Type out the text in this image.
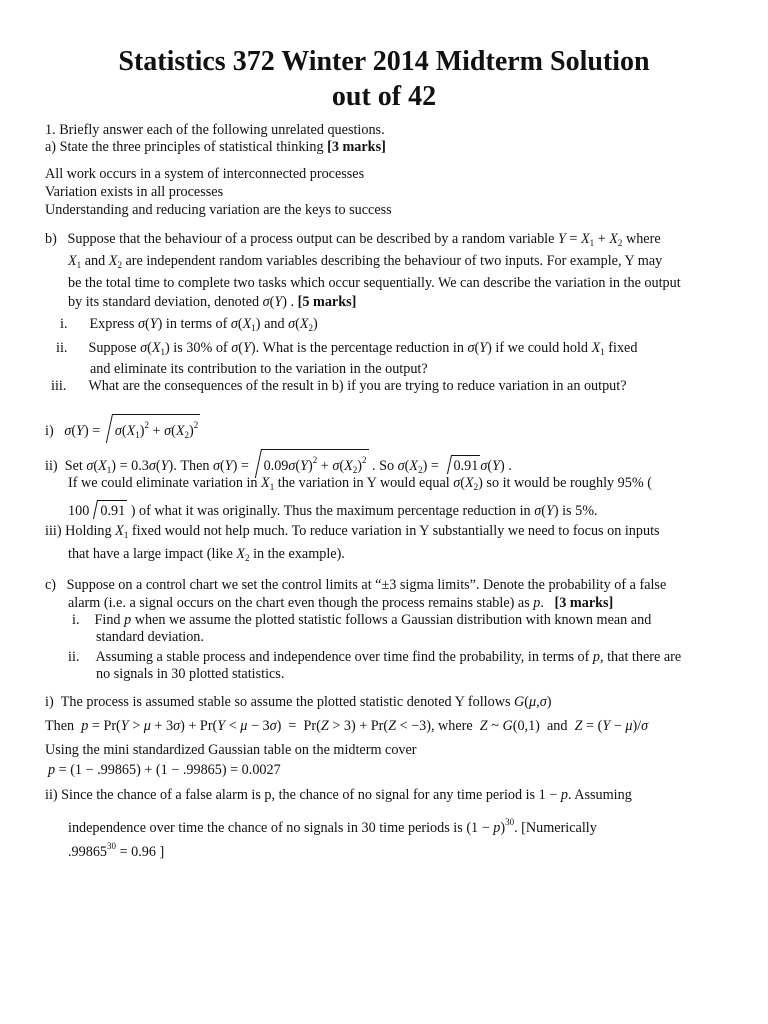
Statistics 372 Winter 2014 Midterm Solution
out of 42
1. Briefly answer each of the following unrelated questions.
a) State the three principles of statistical thinking [3 marks]
All work occurs in a system of interconnected processes
Variation exists in all processes
Understanding and reducing variation are the keys to success
b) Suppose that the behaviour of a process output can be described by a random variable $Y = X_1 + X_2$ where
$X_1$ and $X_2$ are independent random variables describing the behaviour of two inputs. For example, Y may
be the total time to complete two tasks which occur sequentially. We can describe the variation in the output
by its standard deviation, denoted σ(Y) . [5 marks]
i. Express σ(Y) in terms of $\sigma(X_1)$ and $\sigma(X_2)$
ii. Suppose $\sigma(X_1)$ is 30% of σ(Y). What is the percentage reduction in σ(Y) if we could hold $X_1$ fixed
and eliminate its contribution to the variation in the output?
iii. What are the consequences of the result in b) if you are trying to reduce variation in an output?
i) $\sigma(Y) = \sigma(X_1)^2 + \sigma(X_2)^2$
ii) Set $\sigma(X_1) = 0.3\sigma(Y)$. Then $\sigma(Y) = 0.09\sigma(Y)^2 + \sigma(X_2)^2$ . So $\sigma(X_2) = 0.91$ σ(Y) .
If we could eliminate variation in $X_1$ the variation in Y would equal $\sigma(X_2)$ so it would be roughly 95% (
100  0.91 ) of what it was originally. Thus the maximum percentage reduction in σ(Y) is 5%.
iii) Holding $X_1$ fixed would not help much. To reduce variation in Y substantially we need to focus on inputs
that have a large impact (like $X_2$ in the example).
c) Suppose on a control chart we set the control limits at “±3 sigma limits”. Denote the probability of a false
alarm (i.e. a signal occurs on the chart even though the process remains stable) as p.   [3 marks]
i. Find p when we assume the plotted statistic follows a Gaussian distribution with known mean and
standard deviation.
ii. Assuming a stable process and independence over time find the probability, in terms of p, that there are
no signals in 30 plotted statistics.
i) The process is assumed stable so assume the plotted statistic denoted Y follows G(μ,σ)
Then p = Pr(Y > μ + 3σ) + Pr(Y < μ − 3σ)  =  Pr(Z > 3) + Pr(Z < −3), where Z ~ G(0,1)  and Z = (Y − μ)/σ
Using the mini standardized Gaussian table on the midterm cover
p = (1 − .99865) + (1 − .99865) = 0.0027
ii) Since the chance of a false alarm is p, the chance of no signal for any time period is 1 − p. Assuming
independence over time the chance of no signals in 30 time periods is $(1 - p)^{30}$. [Numerically
$.99865^{30} = 0.96$ ]
